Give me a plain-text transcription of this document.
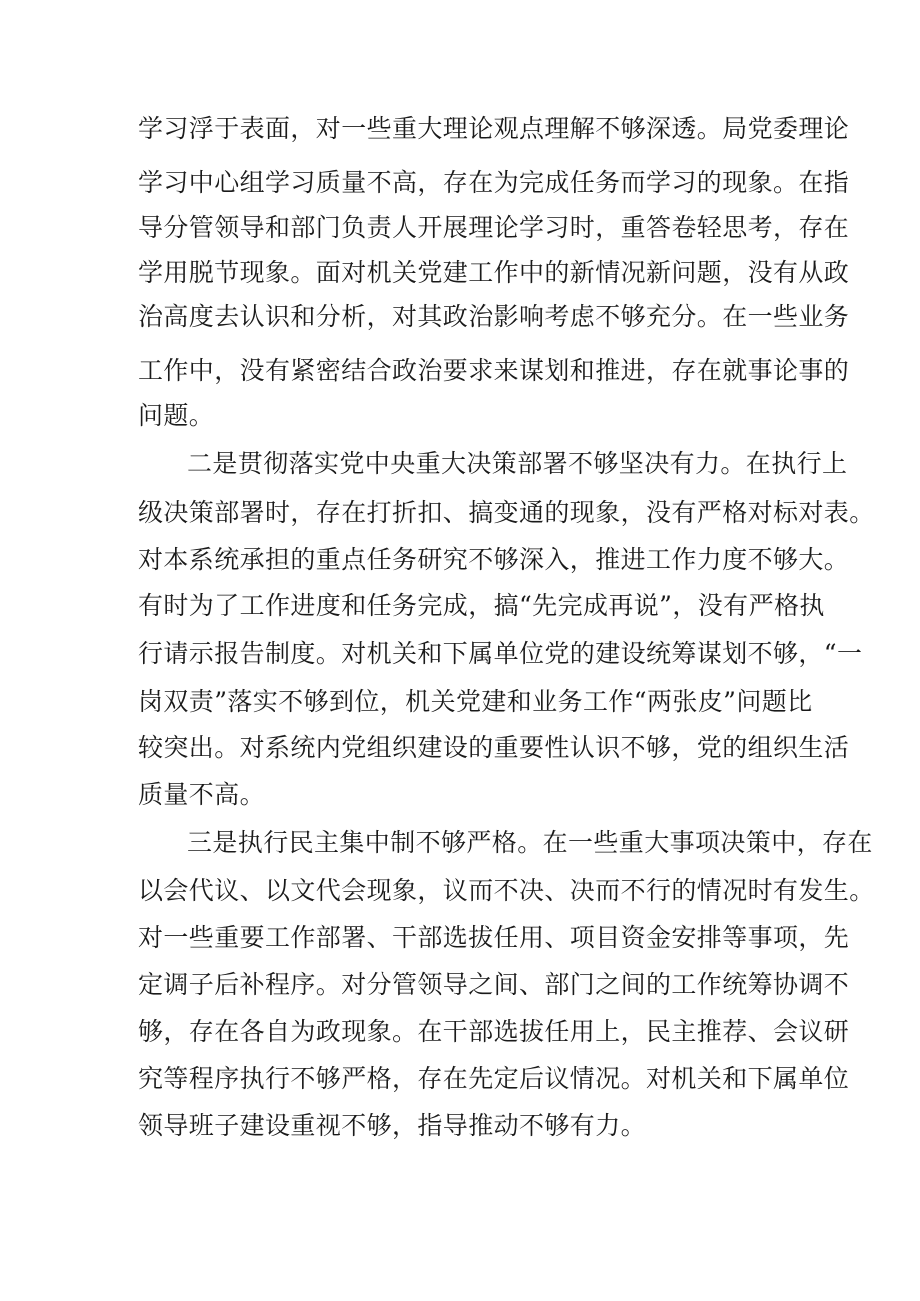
学习浮于表面，对一些重大理论观点理解不够深透。局党委理论

学习中心组学习质量不高，存在为完成任务而学习的现象。在指

导分管领导和部门负责人开展理论学习时，重答卷轻思考，存在

学用脱节现象。面对机关党建工作中的新情况新问题，没有从政

治高度去认识和分析，对其政治影响考虑不够充分。在一些业务

工作中，没有紧密结合政治要求来谋划和推进，存在就事论事的

问题。

二是贯彻落实党中央重大决策部署不够坚决有力。在执行上

级决策部署时，存在打折扣、搞变通的现象，没有严格对标对表。

对本系统承担的重点任务研究不够深入，推进工作力度不够大。

有时为了工作进度和任务完成，搞“先完成再说”，没有严格执

行请示报告制度。对机关和下属单位党的建设统筹谋划不够，“一

岗双责”落实不够到位，机关党建和业务工作“两张皮”问题比

较突出。对系统内党组织建设的重要性认识不够，党的组织生活

质量不高。

三是执行民主集中制不够严格。在一些重大事项决策中，存在

以会代议、以文代会现象，议而不决、决而不行的情况时有发生。

对一些重要工作部署、干部选拔任用、项目资金安排等事项，先

定调子后补程序。对分管领导之间、部门之间的工作统筹协调不

够，存在各自为政现象。在干部选拔任用上，民主推荐、会议研

究等程序执行不够严格，存在先定后议情况。对机关和下属单位

领导班子建设重视不够，指导推动不够有力。
